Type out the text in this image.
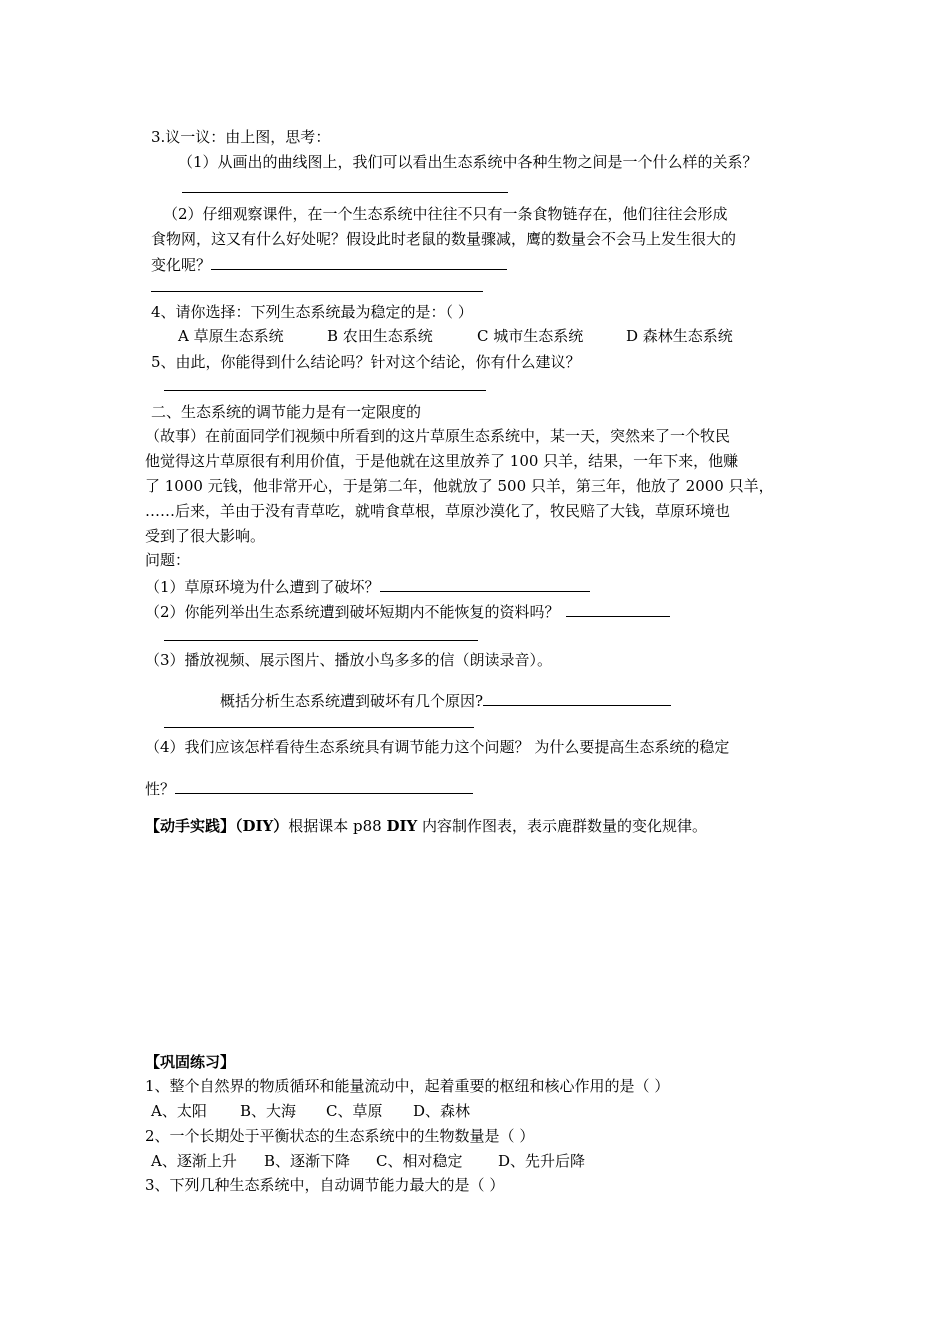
3.议一议：由上图，思考：
（1）从画出的曲线图上，我们可以看出生态系统中各种生物之间是一个什么样的关系？
（2）仔细观察课件，在一个生态系统中往往不只有一条食物链存在，他们往往会形成
食物网，这又有什么好处呢？假设此时老鼠的数量骤减，鹰的数量会不会马上发生很大的
变化呢？
4、请你选择：下列生态系统最为稳定的是：（ ）
A 草原生态系统	B 农田生态系统	C 城市生态系统	D 森林生态系统
5、由此，你能得到什么结论吗？针对这个结论，你有什么建议？
二、生态系统的调节能力是有一定限度的
（故事）在前面同学们视频中所看到的这片草原生态系统中，某一天，突然来了一个牧民
他觉得这片草原很有利用价值，于是他就在这里放养了 100 只羊，结果，一年下来，他赚
了 1000 元钱，他非常开心，于是第二年，他就放了 500 只羊，第三年，他放了 2000 只羊，
……后来，羊由于没有青草吃，就啃食草根，草原沙漠化了，牧民赔了大钱，草原环境也
受到了很大影响。
问题：
（1）草原环境为什么遭到了破坏？
（2）你能列举出生态系统遭到破坏短期内不能恢复的资料吗？
（3）播放视频、展示图片、播放小鸟多多的信（朗读录音）。
概括分析生态系统遭到破坏有几个原因?
（4）我们应该怎样看待生态系统具有调节能力这个问题？ 为什么要提高生态系统的稳定
性？
【动手实践】（DIY）根据课本 p88 DIY 内容制作图表，表示鹿群数量的变化规律。
【巩固练习】
1、整个自然界的物质循环和能量流动中，起着重要的枢纽和核心作用的是（ ）
A、太阳 B、大海 C、草原 D、森林
2、一个长期处于平衡状态的生态系统中的生物数量是（ ）
A、逐渐上升 B、逐渐下降 C、相对稳定 D、先升后降
3、下列几种生态系统中，自动调节能力最大的是（ ）
